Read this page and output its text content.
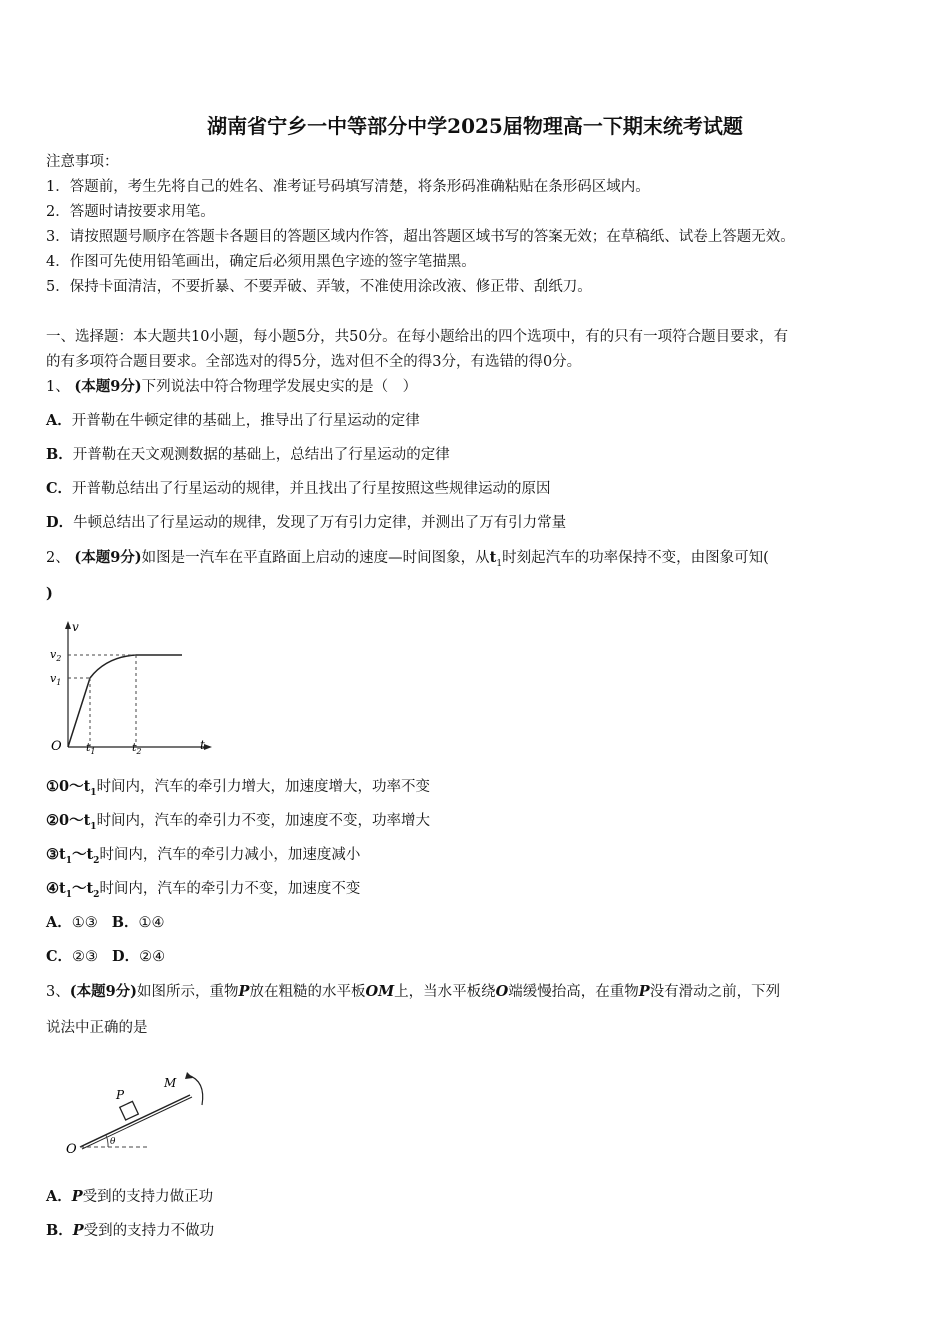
湖南省宁乡一中等部分中学2025届物理高一下期末统考试题
注意事项：
1．答题前，考生先将自己的姓名、准考证号码填写清楚，将条形码准确粘贴在条形码区域内。
2．答题时请按要求用笔。
3．请按照题号顺序在答题卡各题目的答题区域内作答，超出答题区域书写的答案无效；在草稿纸、试卷上答题无效。
4．作图可先使用铅笔画出，确定后必须用黑色字迹的签字笔描黑。
5．保持卡面清洁，不要折暴、不要弄破、弄皱，不准使用涂改液、修正带、刮纸刀。
一、选择题：本大题共10小题，每小题5分，共50分。在每小题给出的四个选项中，有的只有一项符合题目要求，有
的有多项符合题目要求。全部选对的得5分，选对但不全的得3分，有选错的得0分。
1、 (本题9分)下列说法中符合物理学发展史实的是（　）
A．开普勒在牛顿定律的基础上，推导出了行星运动的定律
B．开普勒在天文观测数据的基础上，总结出了行星运动的定律
C．开普勒总结出了行星运动的规律，并且找出了行星按照这些规律运动的原因
D．牛顿总结出了行星运动的规律，发现了万有引力定律，并测出了万有引力常量
2、 (本题9分)如图是一汽车在平直路面上启动的速度—时间图象，从$t_1$时刻起汽车的功率保持不变，由图象可知(
)
v
t
O
$v_1$
$v_2$
$t_1$	$t_2$
$①0\sim t_1$时间内，汽车的牵引力增大，加速度增大，功率不变
$②0\sim t_1$时间内，汽车的牵引力不变，加速度不变，功率增大
$③t_1\sim t_2$时间内，汽车的牵引力减小，加速度减小
$④t_1\sim t_2$时间内，汽车的牵引力不变，加速度不变
A．①③ B．①④
C．②③ D．②④
3、(本题9分)如图所示，重物P放在粗糙的水平板OM上，当水平板绕O端缓慢抬高，在重物P没有滑动之前，下列
说法中正确的是
P
M
O	θ
A．P受到的支持力做正功
B．P受到的支持力不做功
